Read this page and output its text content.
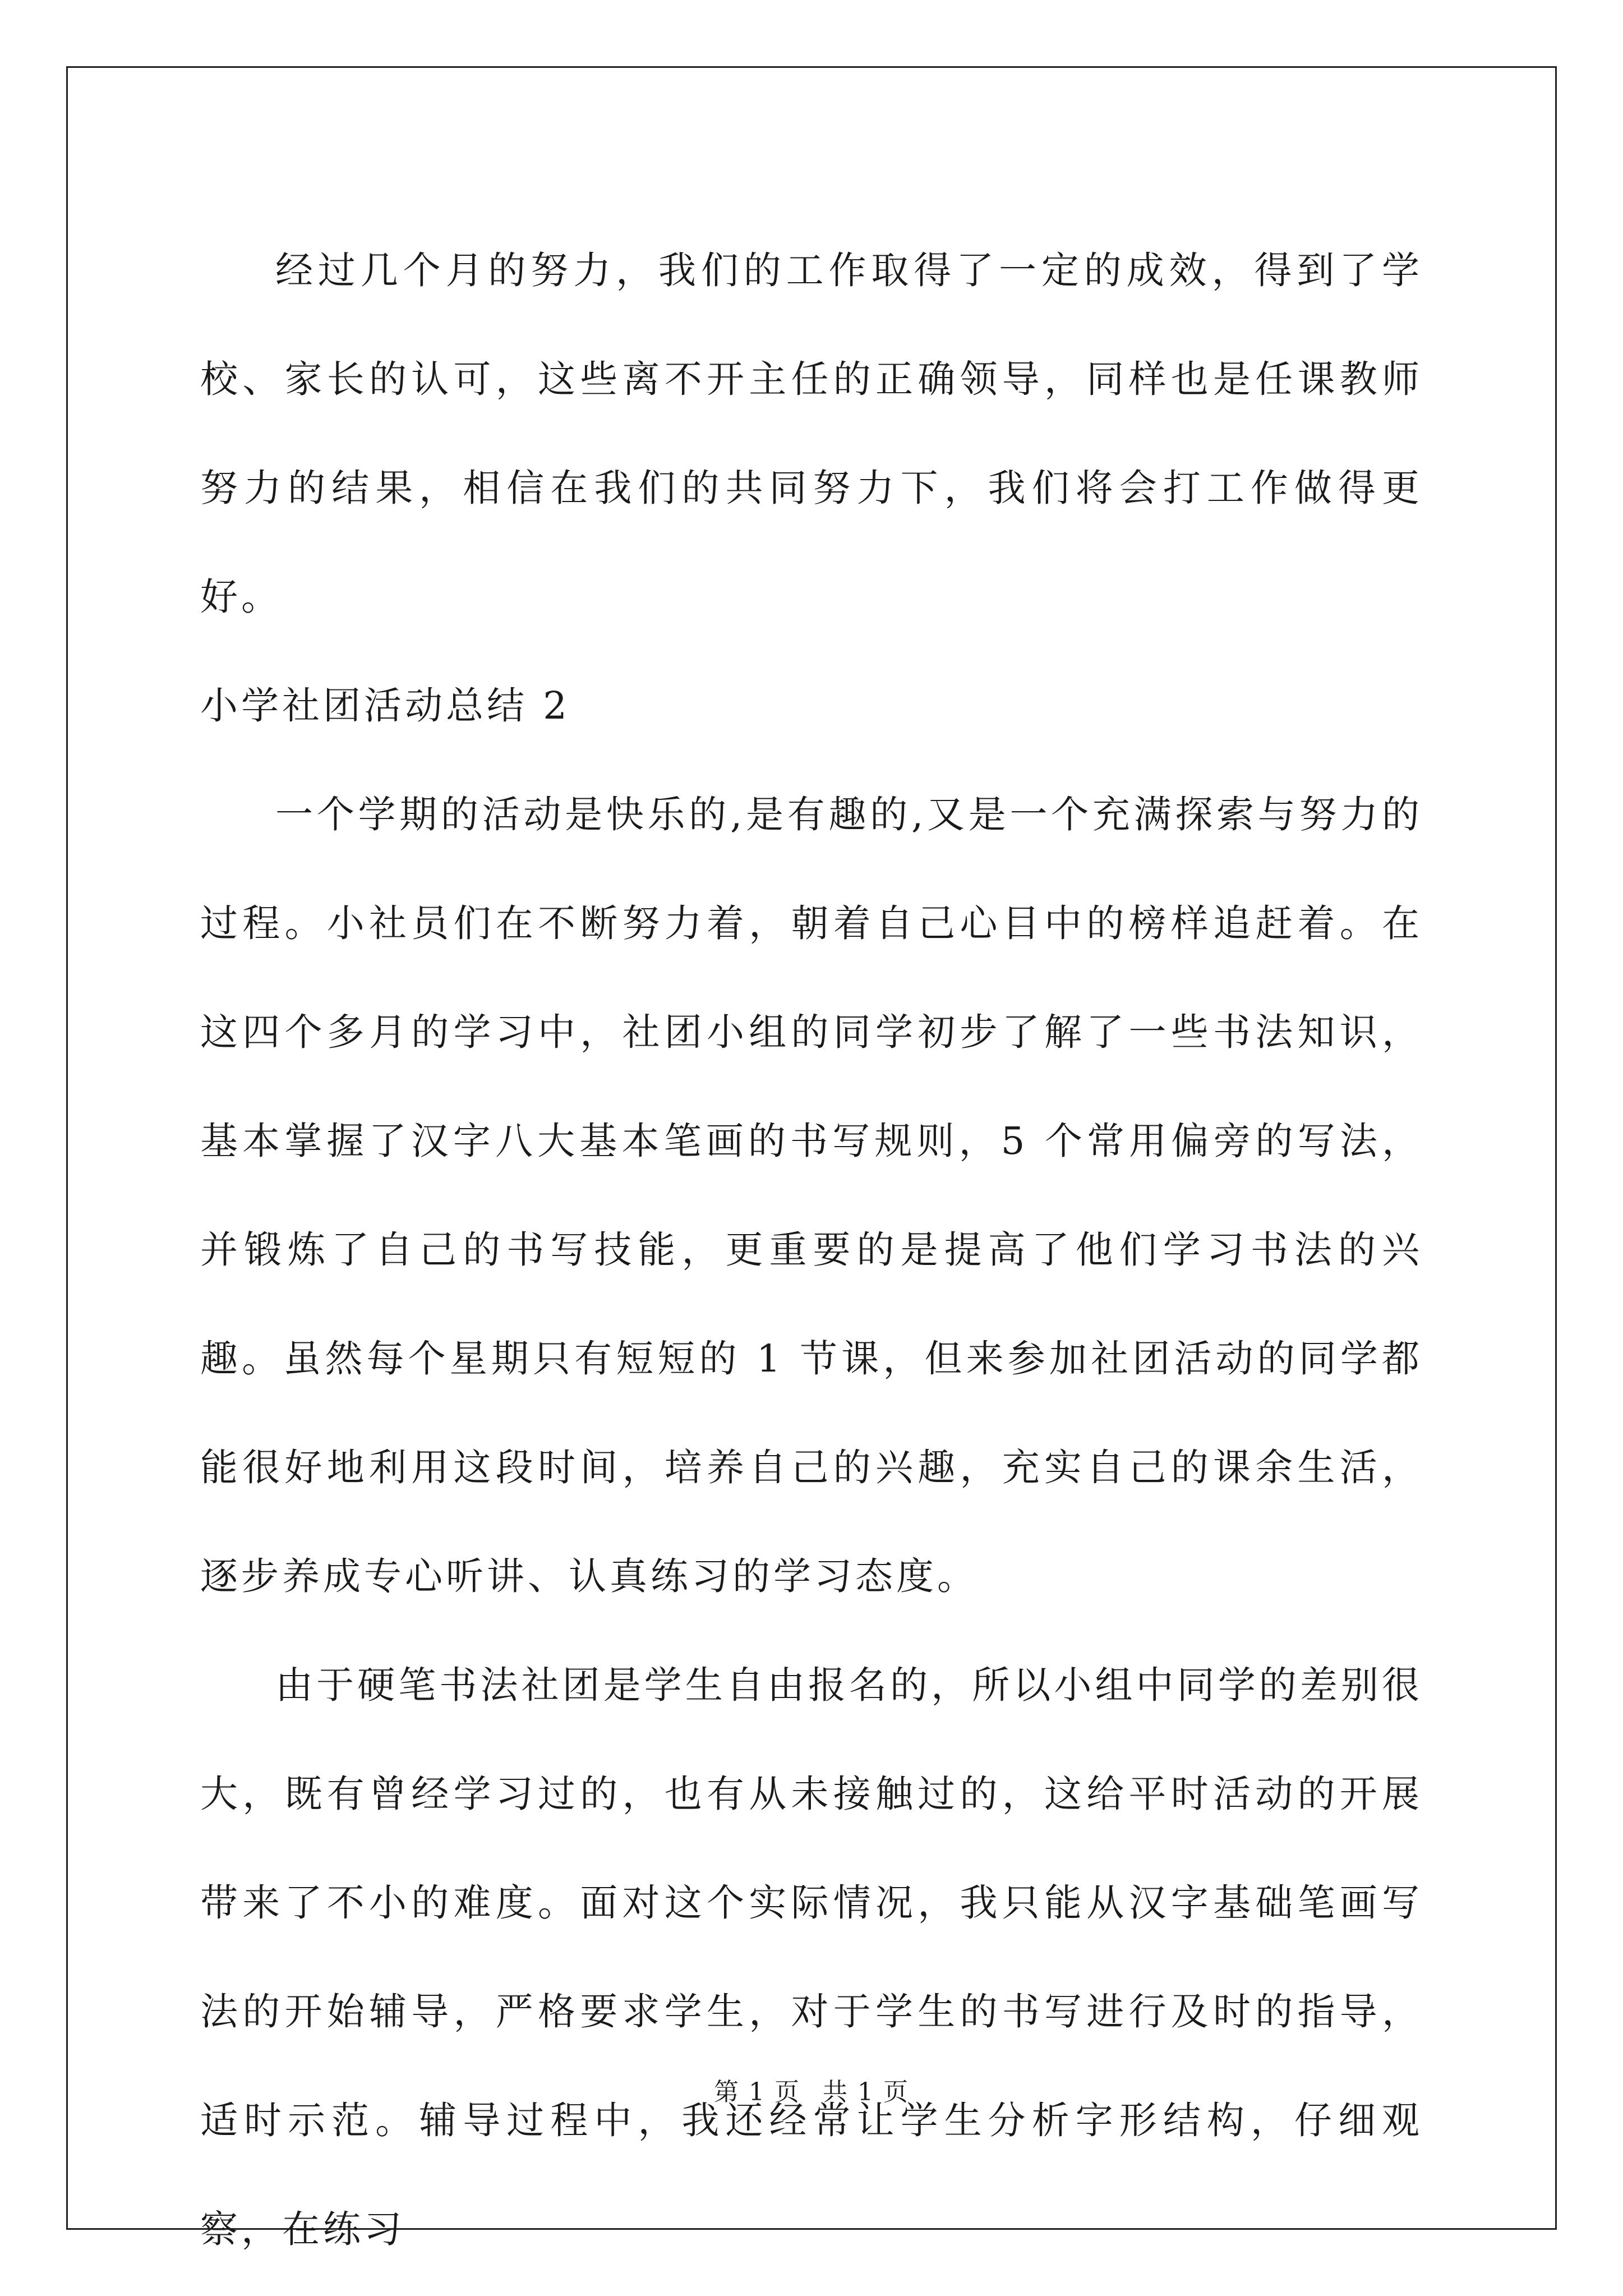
经过几个月的努力，我们的工作取得了一定的成效，得到了学校、家长的认可，这些离不开主任的正确领导，同样也是任课教师努力的结果，相信在我们的共同努力下，我们将会打工作做得更好。

小学社团活动总结 2

一个学期的活动是快乐的,是有趣的,又是一个充满探索与努力的过程。小社员们在不断努力着，朝着自己心目中的榜样追赶着。在这四个多月的学习中，社团小组的同学初步了解了一些书法知识，基本掌握了汉字八大基本笔画的书写规则，5 个常用偏旁的写法，并锻炼了自己的书写技能，更重要的是提高了他们学习书法的兴趣。虽然每个星期只有短短的 1 节课，但来参加社团活动的同学都能很好地利用这段时间，培养自己的兴趣，充实自己的课余生活，逐步养成专心听讲、认真练习的学习态度。

由于硬笔书法社团是学生自由报名的，所以小组中同学的差别很大，既有曾经学习过的，也有从未接触过的，这给平时活动的开展带来了不小的难度。面对这个实际情况，我只能从汉字基础笔画写法的开始辅导，严格要求学生，对于学生的书写进行及时的指导，适时示范。辅导过程中，我还经常让学生分析字形结构，仔细观察，在练习

第 1 页 共 1 页
